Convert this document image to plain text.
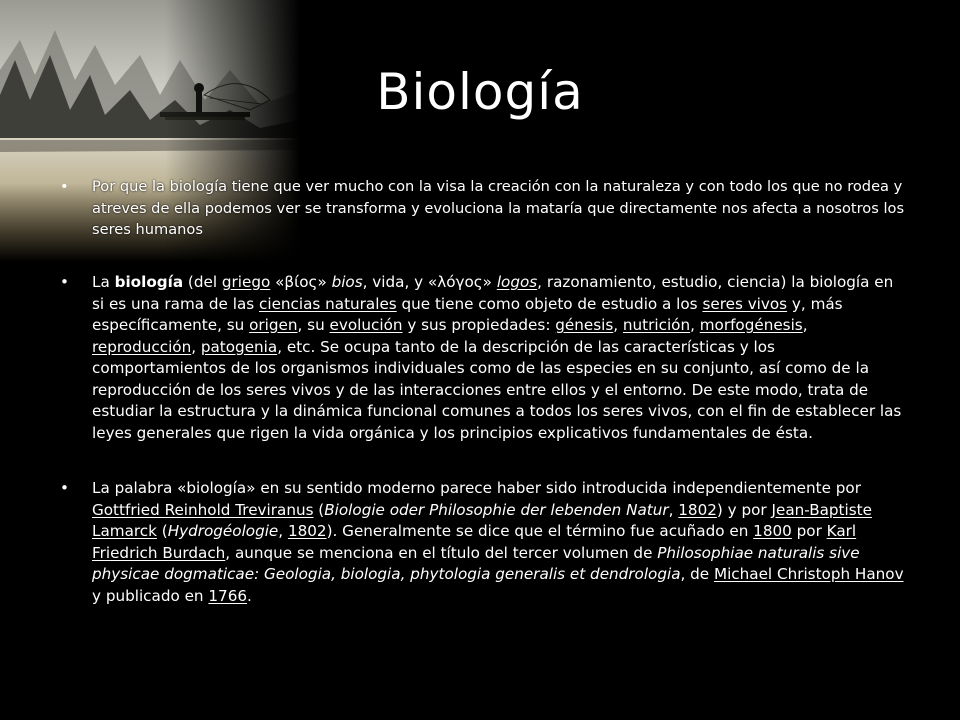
Biología
• Por que la biología tiene que ver mucho con la visa la creación con la naturaleza y con todo los que no rodea y atreves de ella podemos ver se transforma y evoluciona la mataría que directamente nos afecta a nosotros los seres humanos
• La biología (del griego «βίος» bios, vida, y «λόγος» logos, razonamiento, estudio, ciencia) la biología en si es una rama de las ciencias naturales que tiene como objeto de estudio a los seres vivos y, más específicamente, su origen, su evolución y sus propiedades: génesis, nutrición, morfogénesis, reproducción, patogenia, etc. Se ocupa tanto de la descripción de las características y los comportamientos de los organismos individuales como de las especies en su conjunto, así como de la reproducción de los seres vivos y de las interacciones entre ellos y el entorno. De este modo, trata de estudiar la estructura y la dinámica funcional comunes a todos los seres vivos, con el fin de establecer las leyes generales que rigen la vida orgánica y los principios explicativos fundamentales de ésta.
• La palabra «biología» en su sentido moderno parece haber sido introducida independientemente por Gottfried Reinhold Treviranus (Biologie oder Philosophie der lebenden Natur, 1802) y por Jean-Baptiste Lamarck (Hydrogéologie, 1802). Generalmente se dice que el término fue acuñado en 1800 por Karl Friedrich Burdach, aunque se menciona en el título del tercer volumen de Philosophiae naturalis sive physicae dogmaticae: Geologia, biologia, phytologia generalis et dendrologia, de Michael Christoph Hanov y publicado en 1766.
